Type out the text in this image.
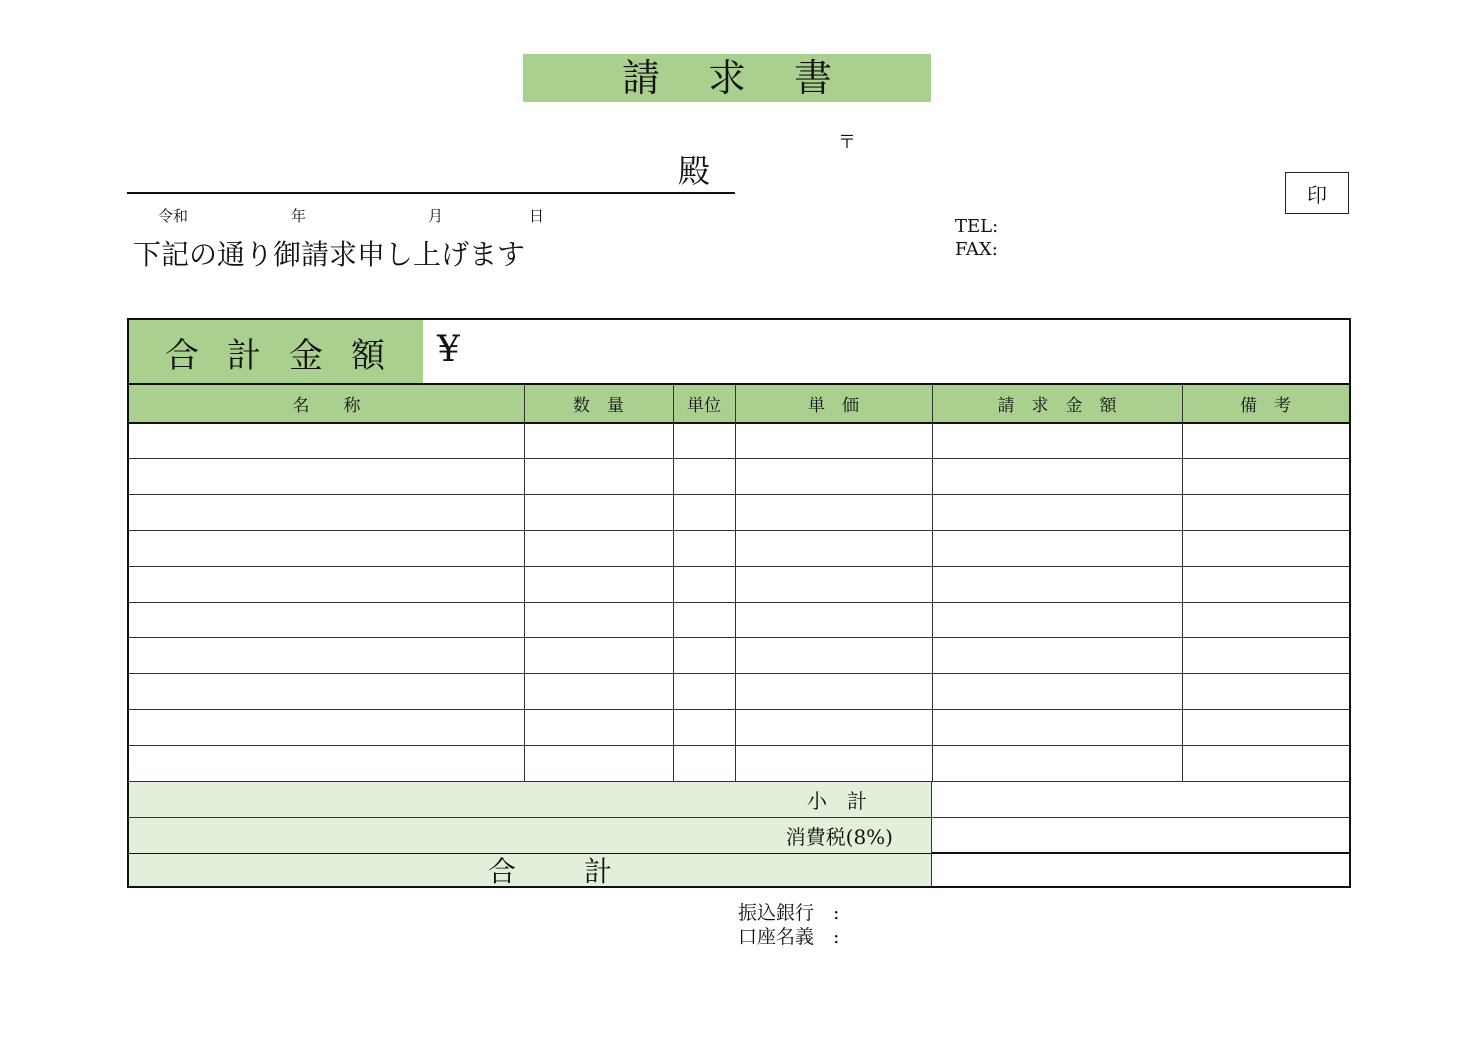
請求書
〒
殿
令和	年	月	日
下記の通り御請求申し上げます
TEL:
FAX:
印
合計金額 ¥
名　　称	数　量	単位	単　価	請　求　金　額	備　考
小　計
消費税(8%)
合　計
振込銀行　:
口座名義　:
